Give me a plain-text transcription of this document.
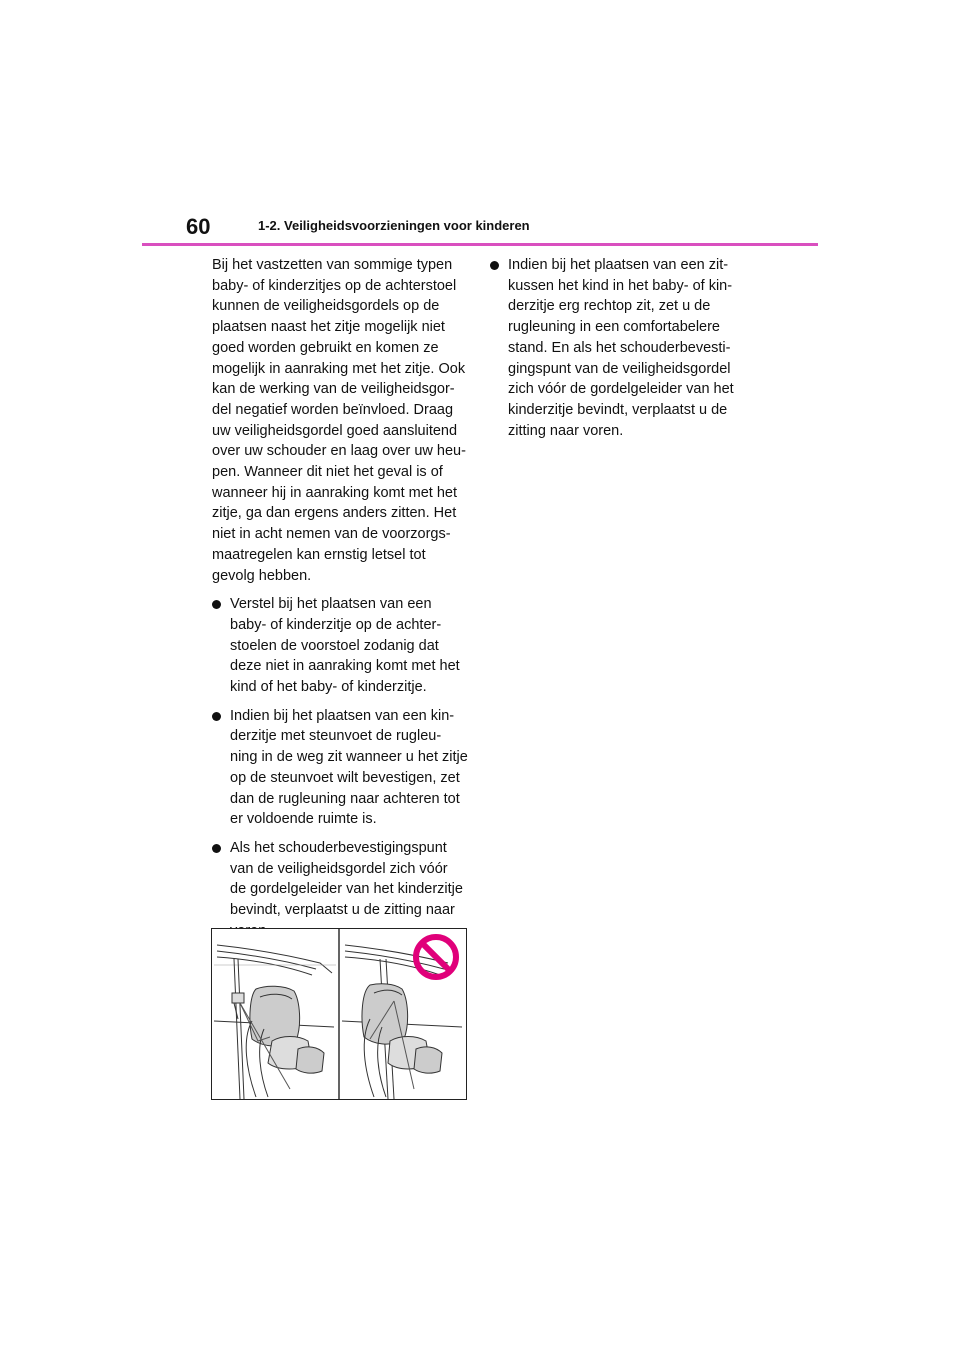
60	1-2. Veiligheidsvoorzieningen voor kinderen

Bij het vastzetten van sommige typen
baby- of kinderzitjes op de achterstoel
kunnen de veiligheidsgordels op de
plaatsen naast het zitje mogelijk niet
goed worden gebruikt en komen ze
mogelijk in aanraking met het zitje. Ook
kan de werking van de veiligheidsgor-
del negatief worden beïnvloed. Draag
uw veiligheidsgordel goed aansluitend
over uw schouder en laag over uw heu-
pen. Wanneer dit niet het geval is of
wanneer hij in aanraking komt met het
zitje, ga dan ergens anders zitten. Het
niet in acht nemen van de voorzorgs-
maatregelen kan ernstig letsel tot
gevolg hebben.

Verstel bij het plaatsen van een
baby- of kinderzitje op de achter-
stoelen de voorstoel zodanig dat
deze niet in aanraking komt met het
kind of het baby- of kinderzitje.
Indien bij het plaatsen van een kin-
derzitje met steunvoet de rugleu-
ning in de weg zit wanneer u het zitje
op de steunvoet wilt bevestigen, zet
dan de rugleuning naar achteren tot
er voldoende ruimte is.
Als het schouderbevestigingspunt
van de veiligheidsgordel zich vóór
de gordelgeleider van het kinderzitje
bevindt, verplaatst u de zitting naar
Indien bij het plaatsen van een zit-
kussen het kind in het baby- of kin-
derzitje erg rechtop zit, zet u de
rugleuning in een comfortabelere
stand. En als het schouderbevesti-
gingspunt van de veiligheidsgordel
zich vóór de gordelgeleider van het
kinderzitje bevindt, verplaatst u de
zitting naar voren.
